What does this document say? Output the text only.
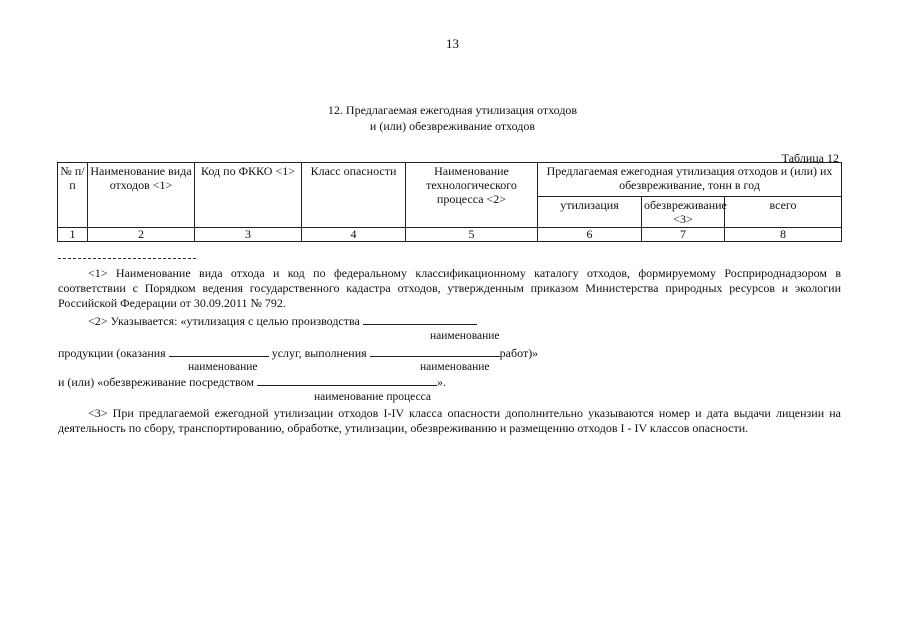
13
12. Предлагаемая ежегодная утилизация отходов
и (или) обезвреживание отходов
Таблица 12
№ п/п	Наименование вида отходов <1>	Код по ФККО <1>	Класс опасности	Наименование технологического процесса <2>	Предлагаемая ежегодная утилизация отходов и (или) их обезвреживание, тонн в год		
					утилизация	обезвреживание <3>	всего
1	2	3	4	5	6	7	8
<1> Наименование вида отхода и код по федеральному классификационному каталогу отходов, формируемому Росприроднадзором в соответствии с Порядком ведения государственного кадастра отходов, утвержденным приказом Министерства природных ресурсов и экологии Российской Федерации от 30.09.2011 № 792.
<2> Указывается: «утилизация с целью производства
наименование
продукции (оказания	услуг, выполнения	работ)»
наименование	наименование
и (или) «обезвреживание посредством	».
наименование процесса
<3> При предлагаемой ежегодной утилизации отходов I-IV класса опасности дополнительно указываются номер и дата выдачи лицензии на деятельность по сбору, транспортированию, обработке, утилизации, обезвреживанию и размещению отходов I - IV классов опасности.
